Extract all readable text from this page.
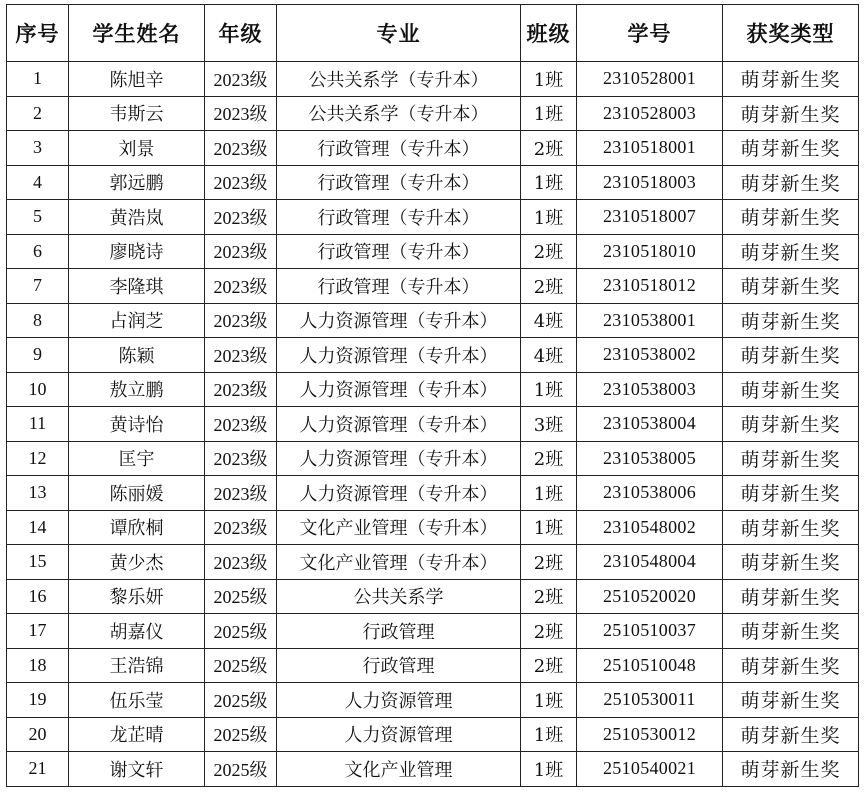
序号	学生姓名	年级	专业	班级	学号	获奖类型
1	陈旭辛	2023级	公共关系学（专升本）	1班	2310528001	萌芽新生奖
2	韦斯云	2023级	公共关系学（专升本）	1班	2310528003	萌芽新生奖
3	刘景	2023级	行政管理（专升本）	2班	2310518001	萌芽新生奖
4	郭远鹏	2023级	行政管理（专升本）	1班	2310518003	萌芽新生奖
5	黄浩岚	2023级	行政管理（专升本）	1班	2310518007	萌芽新生奖
6	廖晓诗	2023级	行政管理（专升本）	2班	2310518010	萌芽新生奖
7	李隆琪	2023级	行政管理（专升本）	2班	2310518012	萌芽新生奖
8	占润芝	2023级	人力资源管理（专升本）	4班	2310538001	萌芽新生奖
9	陈颖	2023级	人力资源管理（专升本）	4班	2310538002	萌芽新生奖
10	敖立鹏	2023级	人力资源管理（专升本）	1班	2310538003	萌芽新生奖
11	黄诗怡	2023级	人力资源管理（专升本）	3班	2310538004	萌芽新生奖
12	匡宇	2023级	人力资源管理（专升本）	2班	2310538005	萌芽新生奖
13	陈丽媛	2023级	人力资源管理（专升本）	1班	2310538006	萌芽新生奖
14	谭欣桐	2023级	文化产业管理（专升本）	1班	2310548002	萌芽新生奖
15	黄少杰	2023级	文化产业管理（专升本）	2班	2310548004	萌芽新生奖
16	黎乐妍	2025级	公共关系学	2班	2510520020	萌芽新生奖
17	胡嘉仪	2025级	行政管理	2班	2510510037	萌芽新生奖
18	王浩锦	2025级	行政管理	2班	2510510048	萌芽新生奖
19	伍乐莹	2025级	人力资源管理	1班	2510530011	萌芽新生奖
20	龙芷晴	2025级	人力资源管理	1班	2510530012	萌芽新生奖
21	谢文轩	2025级	文化产业管理	1班	2510540021	萌芽新生奖
